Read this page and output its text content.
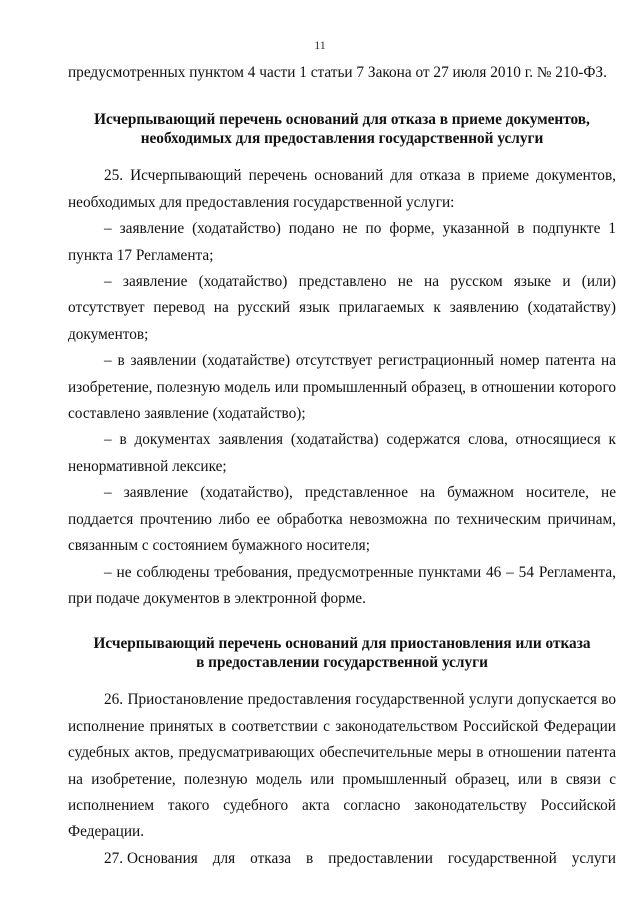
11

предусмотренных пунктом 4 части 1 статьи 7 Закона от 27 июля 2010 г. № 210-ФЗ.

Исчерпывающий перечень оснований для отказа в приеме документов,
необходимых для предоставления государственной услуги

25. Исчерпывающий перечень оснований для отказа в приеме документов, необходимых для предоставления государственной услуги:

– заявление (ходатайство) подано не по форме, указанной в подпункте 1 пункта 17 Регламента;

– заявление (ходатайство) представлено не на русском языке и (или) отсутствует перевод на русский язык прилагаемых к заявлению (ходатайству) документов;

– в заявлении (ходатайстве) отсутствует регистрационный номер патента на изобретение, полезную модель или промышленный образец, в отношении которого составлено заявление (ходатайство);

– в документах заявления (ходатайства) содержатся слова, относящиеся к ненормативной лексике;

– заявление (ходатайство), представленное на бумажном носителе, не поддается прочтению либо ее обработка невозможна по техническим причинам, связанным с состоянием бумажного носителя;

– не соблюдены требования, предусмотренные пунктами 46 – 54 Регламента, при подаче документов в электронной форме.

Исчерпывающий перечень оснований для приостановления или отказа
в предоставлении государственной услуги

26. Приостановление предоставления государственной услуги допускается во исполнение принятых в соответствии с законодательством Российской Федерации судебных актов, предусматривающих обеспечительные меры в отношении патента на изобретение, полезную модель или промышленный образец, или в связи с исполнением такого судебного акта согласно законодательству Российской Федерации.

27. Основания для отказа в предоставлении государственной услуги
